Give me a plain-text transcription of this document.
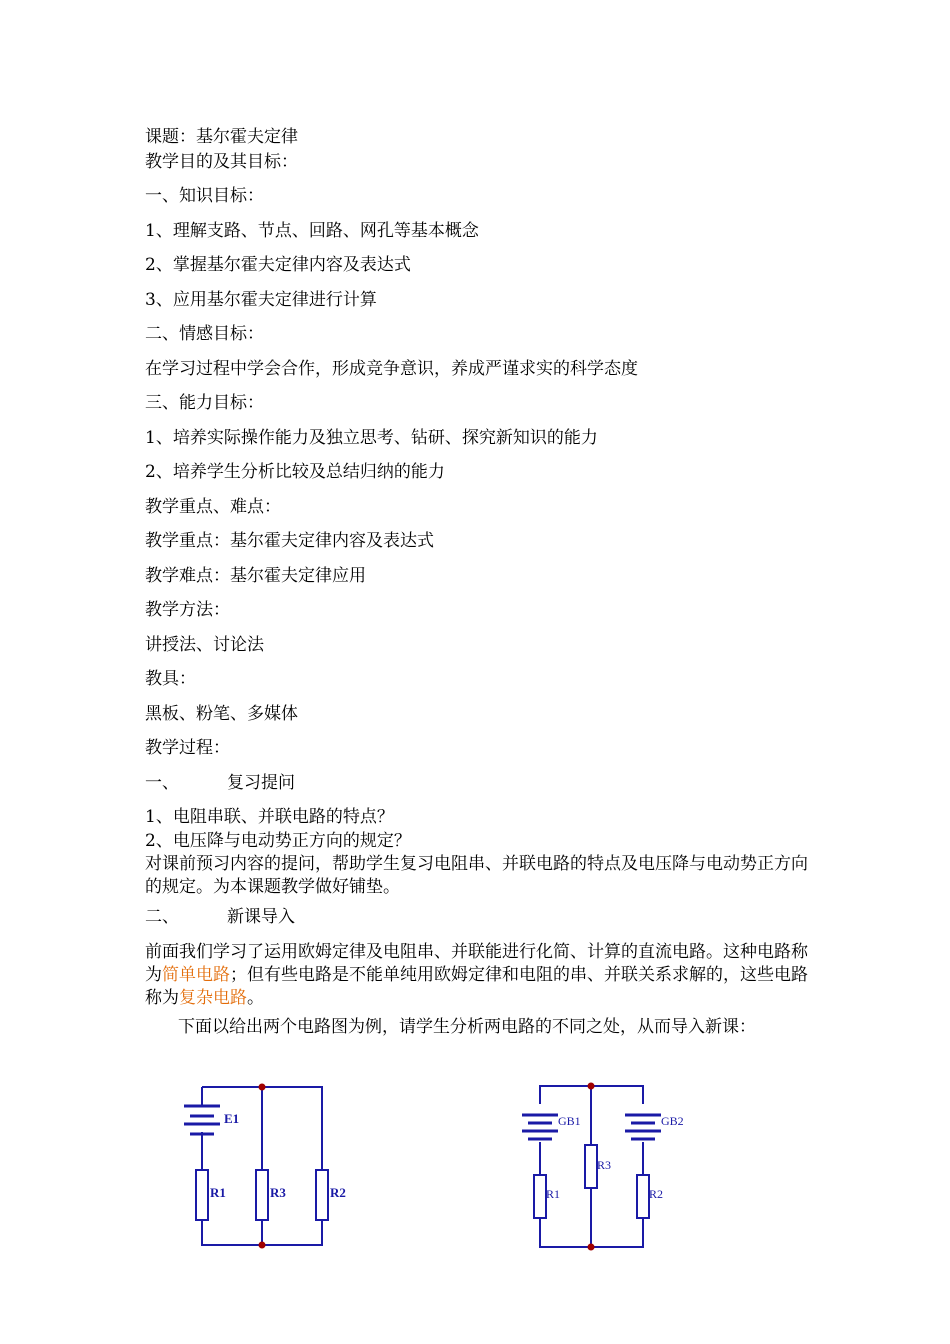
课题：基尔霍夫定律
教学目的及其目标：
一、知识目标：
1、理解支路、节点、回路、网孔等基本概念
2、掌握基尔霍夫定律内容及表达式
3、应用基尔霍夫定律进行计算
二、情感目标：
在学习过程中学会合作，形成竞争意识，养成严谨求实的科学态度
三、能力目标：
1、培养实际操作能力及独立思考、钻研、探究新知识的能力
2、培养学生分析比较及总结归纳的能力
教学重点、难点：
教学重点：基尔霍夫定律内容及表达式
教学难点：基尔霍夫定律应用
教学方法：
讲授法、讨论法
教具：
黑板、粉笔、多媒体
教学过程：
一、	复习提问
1、电阻串联、并联电路的特点？
2、电压降与电动势正方向的规定？
对课前预习内容的提问，帮助学生复习电阻串、并联电路的特点及电压降与电动势正方向的规定。为本课题教学做好铺垫。
二、	新课导入
前面我们学习了运用欧姆定律及电阻串、并联能进行化简、计算的直流电路。这种电路称为简单电路；但有些电路是不能单纯用欧姆定律和电阻的串、并联关系求解的，这些电路称为复杂电路。
下面以给出两个电路图为例，请学生分析两电路的不同之处，从而导入新课：
E1
R1	R3	R2
GB1	GB2
R1
R3
R2
